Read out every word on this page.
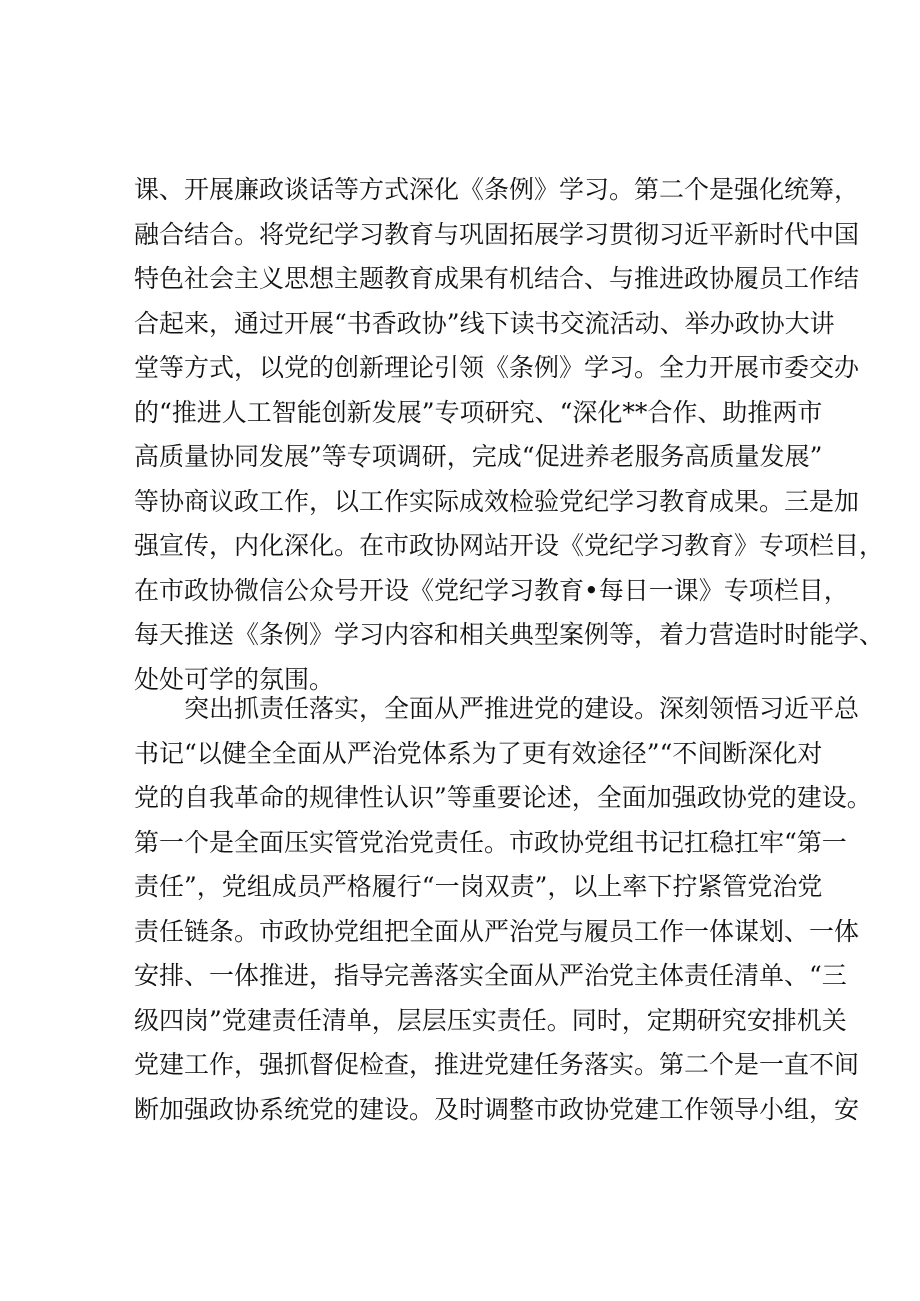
课、开展廉政谈话等方式深化《条例》学习。第二个是强化统筹，
融合结合。将党纪学习教育与巩固拓展学习贯彻习近平新时代中国
特色社会主义思想主题教育成果有机结合、与推进政协履员工作结
合起来，通过开展“书香政协”线下读书交流活动、举办政协大讲
堂等方式，以党的创新理论引领《条例》学习。全力开展市委交办
的“推进人工智能创新发展”专项研究、“深化**合作、助推两市
高质量协同发展”等专项调研，完成“促进养老服务高质量发展”
等协商议政工作，以工作实际成效检验党纪学习教育成果。三是加
强宣传，内化深化。在市政协网站开设《党纪学习教育》专项栏目，
在市政协微信公众号开设《党纪学习教育•每日一课》专项栏目，
每天推送《条例》学习内容和相关典型案例等，着力营造时时能学、
处处可学的氛围。
突出抓责任落实，全面从严推进党的建设。深刻领悟习近平总
书记“以健全全面从严治党体系为了更有效途径”“不间断深化对
党的自我革命的规律性认识”等重要论述，全面加强政协党的建设。
第一个是全面压实管党治党责任。市政协党组书记扛稳扛牢“第一
责任”，党组成员严格履行“一岗双责”，以上率下拧紧管党治党
责任链条。市政协党组把全面从严治党与履员工作一体谋划、一体
安排、一体推进，指导完善落实全面从严治党主体责任清单、“三
级四岗”党建责任清单，层层压实责任。同时，定期研究安排机关
党建工作，强抓督促检查，推进党建任务落实。第二个是一直不间
断加强政协系统党的建设。及时调整市政协党建工作领导小组，安
